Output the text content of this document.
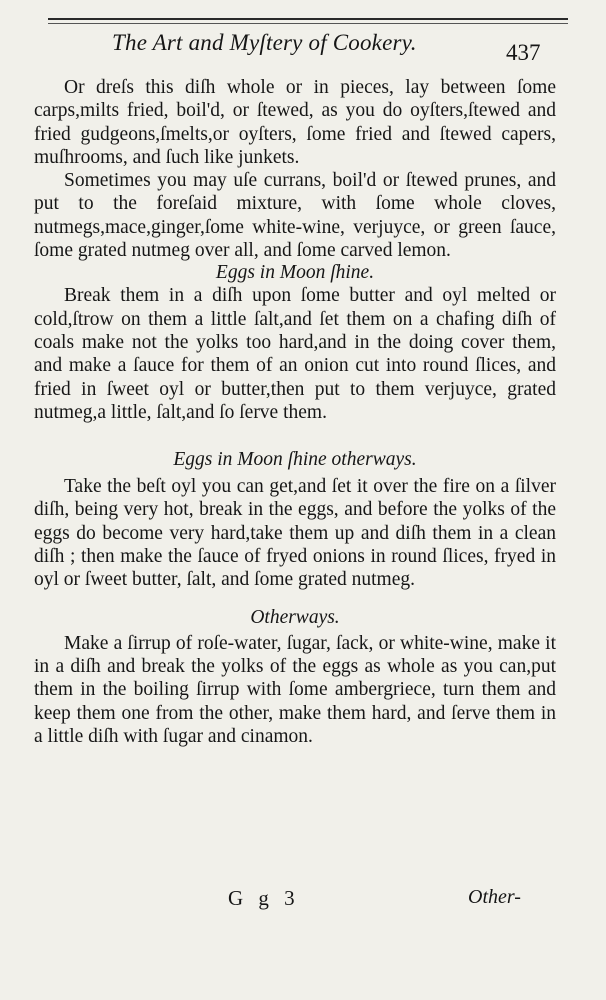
The Art and Myſtery of Cookery.	437

Or dreſs this diſh whole or in pieces, lay between ſome carps,milts fried, boil'd, or ſtewed, as you do oyſters,ſtewed and fried gudgeons,ſmelts,or oyſters, ſome fried and ſtewed capers, muſhrooms, and ſuch like junkets.

Sometimes you may uſe currans, boil'd or ſtewed prunes, and put to the foreſaid mixture, with ſome whole cloves, nutmegs,mace,ginger,ſome white-wine, verjuyce, or green ſauce, ſome grated nutmeg over all, and ſome carved lemon.

Eggs in Moon ſhine.

Break them in a diſh upon ſome butter and oyl melted or cold,ſtrow on them a little ſalt,and ſet them on a chafing diſh of coals make not the yolks too hard,and in the doing cover them, and make a ſauce for them of an onion cut into round ſlices, and fried in ſweet oyl or butter,then put to them verjuyce, grated nutmeg,a little, ſalt,and ſo ſerve them.

Eggs in Moon ſhine otherways.

Take the beſt oyl you can get,and ſet it over the fire on a ſilver diſh, being very hot, break in the eggs, and before the yolks of the eggs do become very hard,take them up and diſh them in a clean diſh ; then make the ſauce of fryed onions in round ſlices, fryed in oyl or ſweet butter, ſalt, and ſome grated nutmeg.

Otherways.

Make a ſirrup of roſe-water, ſugar, ſack, or white-wine, make it in a diſh and break the yolks of the eggs as whole as you can,put them in the boiling ſirrup with ſome ambergriece, turn them and keep them one from the other, make them hard, and ſerve them in a little diſh with ſugar and cinamon.

G g 3	Other-
